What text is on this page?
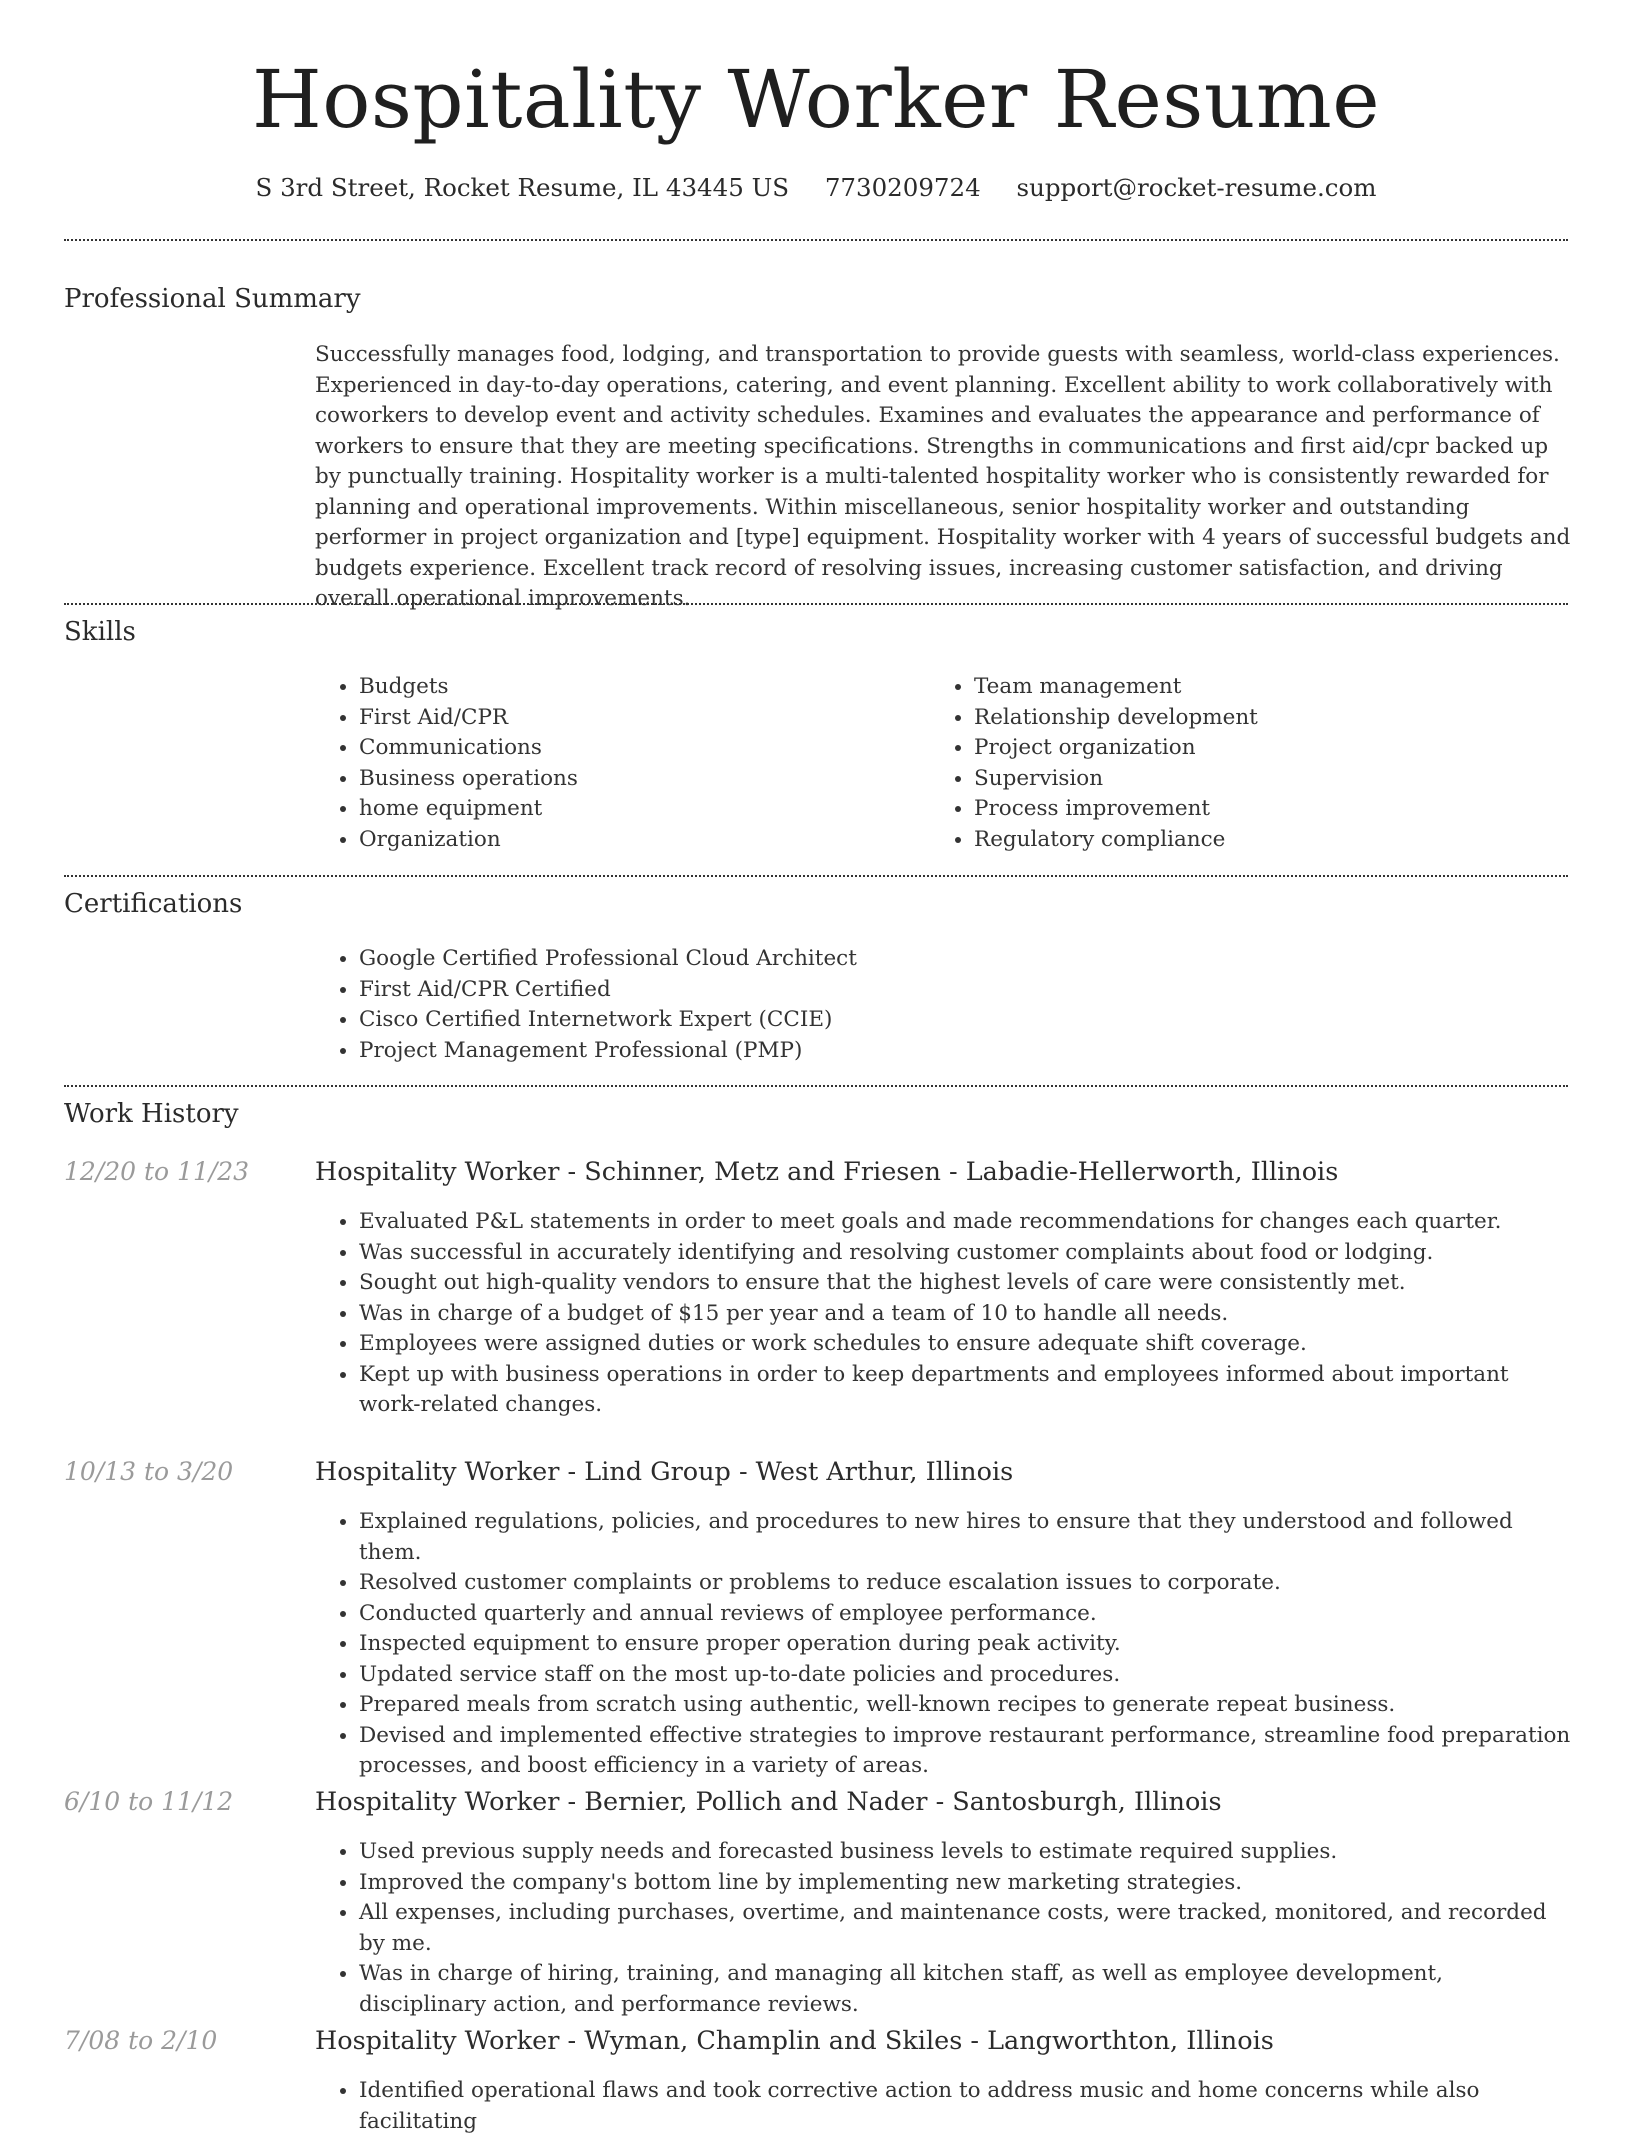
Hospitality Worker Resume
S 3rd Street, Rocket Resume, IL 43445 US 7730209724 support@rocket-resume.com
Professional Summary
Successfully manages food, lodging, and transportation to provide guests with seamless, world-class experiences. Experienced in day-to-day operations, catering, and event planning. Excellent ability to work collaboratively with coworkers to develop event and activity schedules. Examines and evaluates the appearance and performance of workers to ensure that they are meeting specifications. Strengths in communications and first aid/cpr backed up by punctually training. Hospitality worker is a multi-talented hospitality worker who is consistently rewarded for planning and operational improvements. Within miscellaneous, senior hospitality worker and outstanding performer in project organization and [type] equipment. Hospitality worker with 4 years of successful budgets and budgets experience. Excellent track record of resolving issues, increasing customer satisfaction, and driving overall operational improvements.
Skills
• Budgets
• First Aid/CPR
• Communications
• Business operations
• home equipment
• Organization
• Team management
• Relationship development
• Project organization
• Supervision
• Process improvement
• Regulatory compliance
Certifications
• Google Certified Professional Cloud Architect
• First Aid/CPR Certified
• Cisco Certified Internetwork Expert (CCIE)
• Project Management Professional (PMP)
Work History
12/20 to 11/23	Hospitality Worker - Schinner, Metz and Friesen - Labadie-Hellerworth, Illinois
• Evaluated P&L statements in order to meet goals and made recommendations for changes each quarter.
• Was successful in accurately identifying and resolving customer complaints about food or lodging.
• Sought out high-quality vendors to ensure that the highest levels of care were consistently met.
• Was in charge of a budget of $15 per year and a team of 10 to handle all needs.
• Employees were assigned duties or work schedules to ensure adequate shift coverage.
• Kept up with business operations in order to keep departments and employees informed about important work-related changes.
10/13 to 3/20	Hospitality Worker - Lind Group - West Arthur, Illinois
• Explained regulations, policies, and procedures to new hires to ensure that they understood and followed them.
• Resolved customer complaints or problems to reduce escalation issues to corporate.
• Conducted quarterly and annual reviews of employee performance.
• Inspected equipment to ensure proper operation during peak activity.
• Updated service staff on the most up-to-date policies and procedures.
• Prepared meals from scratch using authentic, well-known recipes to generate repeat business.
• Devised and implemented effective strategies to improve restaurant performance, streamline food preparation processes, and boost efficiency in a variety of areas.
6/10 to 11/12	Hospitality Worker - Bernier, Pollich and Nader - Santosburgh, Illinois
• Used previous supply needs and forecasted business levels to estimate required supplies.
• Improved the company's bottom line by implementing new marketing strategies.
• All expenses, including purchases, overtime, and maintenance costs, were tracked, monitored, and recorded by me.
• Was in charge of hiring, training, and managing all kitchen staff, as well as employee development, disciplinary action, and performance reviews.
7/08 to 2/10	Hospitality Worker - Wyman, Champlin and Skiles - Langworthton, Illinois
• Identified operational flaws and took corrective action to address music and home concerns while also facilitating
